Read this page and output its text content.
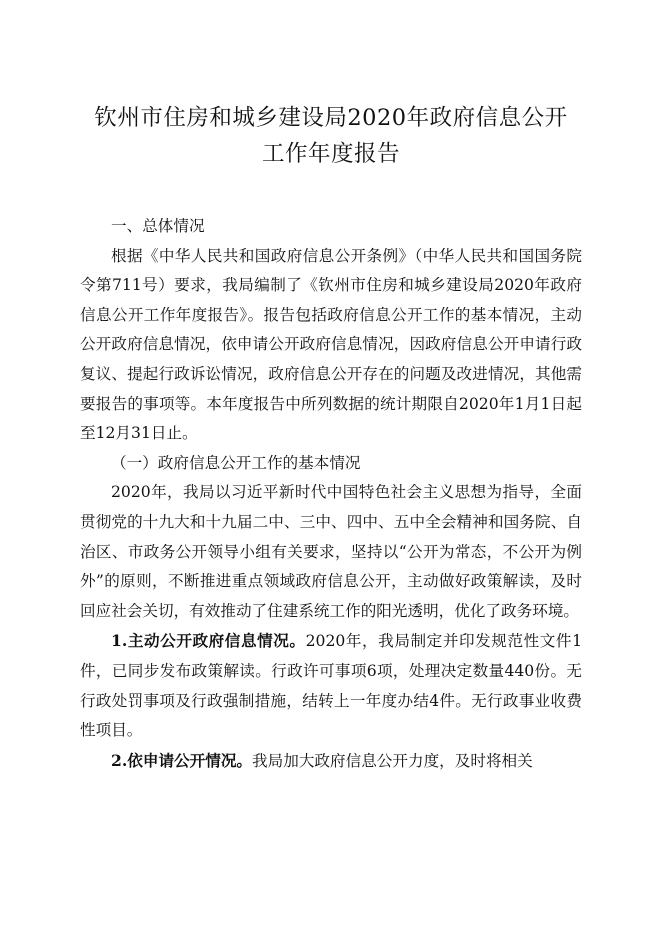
钦州市住房和城乡建设局2020年政府信息公开
工作年度报告

一、总体情况

根据《中华人民共和国政府信息公开条例》（中华人民共和国国务院令第711号）要求，我局编制了《钦州市住房和城乡建设局2020年政府信息公开工作年度报告》。报告包括政府信息公开工作的基本情况，主动公开政府信息情况，依申请公开政府信息情况，因政府信息公开申请行政复议、提起行政诉讼情况，政府信息公开存在的问题及改进情况，其他需要报告的事项等。本年度报告中所列数据的统计期限自2020年1月1日起至12月31日止。

（一）政府信息公开工作的基本情况

2020年，我局以习近平新时代中国特色社会主义思想为指导，全面贯彻党的十九大和十九届二中、三中、四中、五中全会精神和国务院、自治区、市政务公开领导小组有关要求，坚持以“公开为常态，不公开为例外”的原则，不断推进重点领域政府信息公开，主动做好政策解读，及时回应社会关切，有效推动了住建系统工作的阳光透明，优化了政务环境。

1.主动公开政府信息情况。2020年，我局制定并印发规范性文件1件，已同步发布政策解读。行政许可事项6项，处理决定数量440份。无行政处罚事项及行政强制措施，结转上一年度办结4件。无行政事业收费性项目。

2.依申请公开情况。我局加大政府信息公开力度，及时将相关
